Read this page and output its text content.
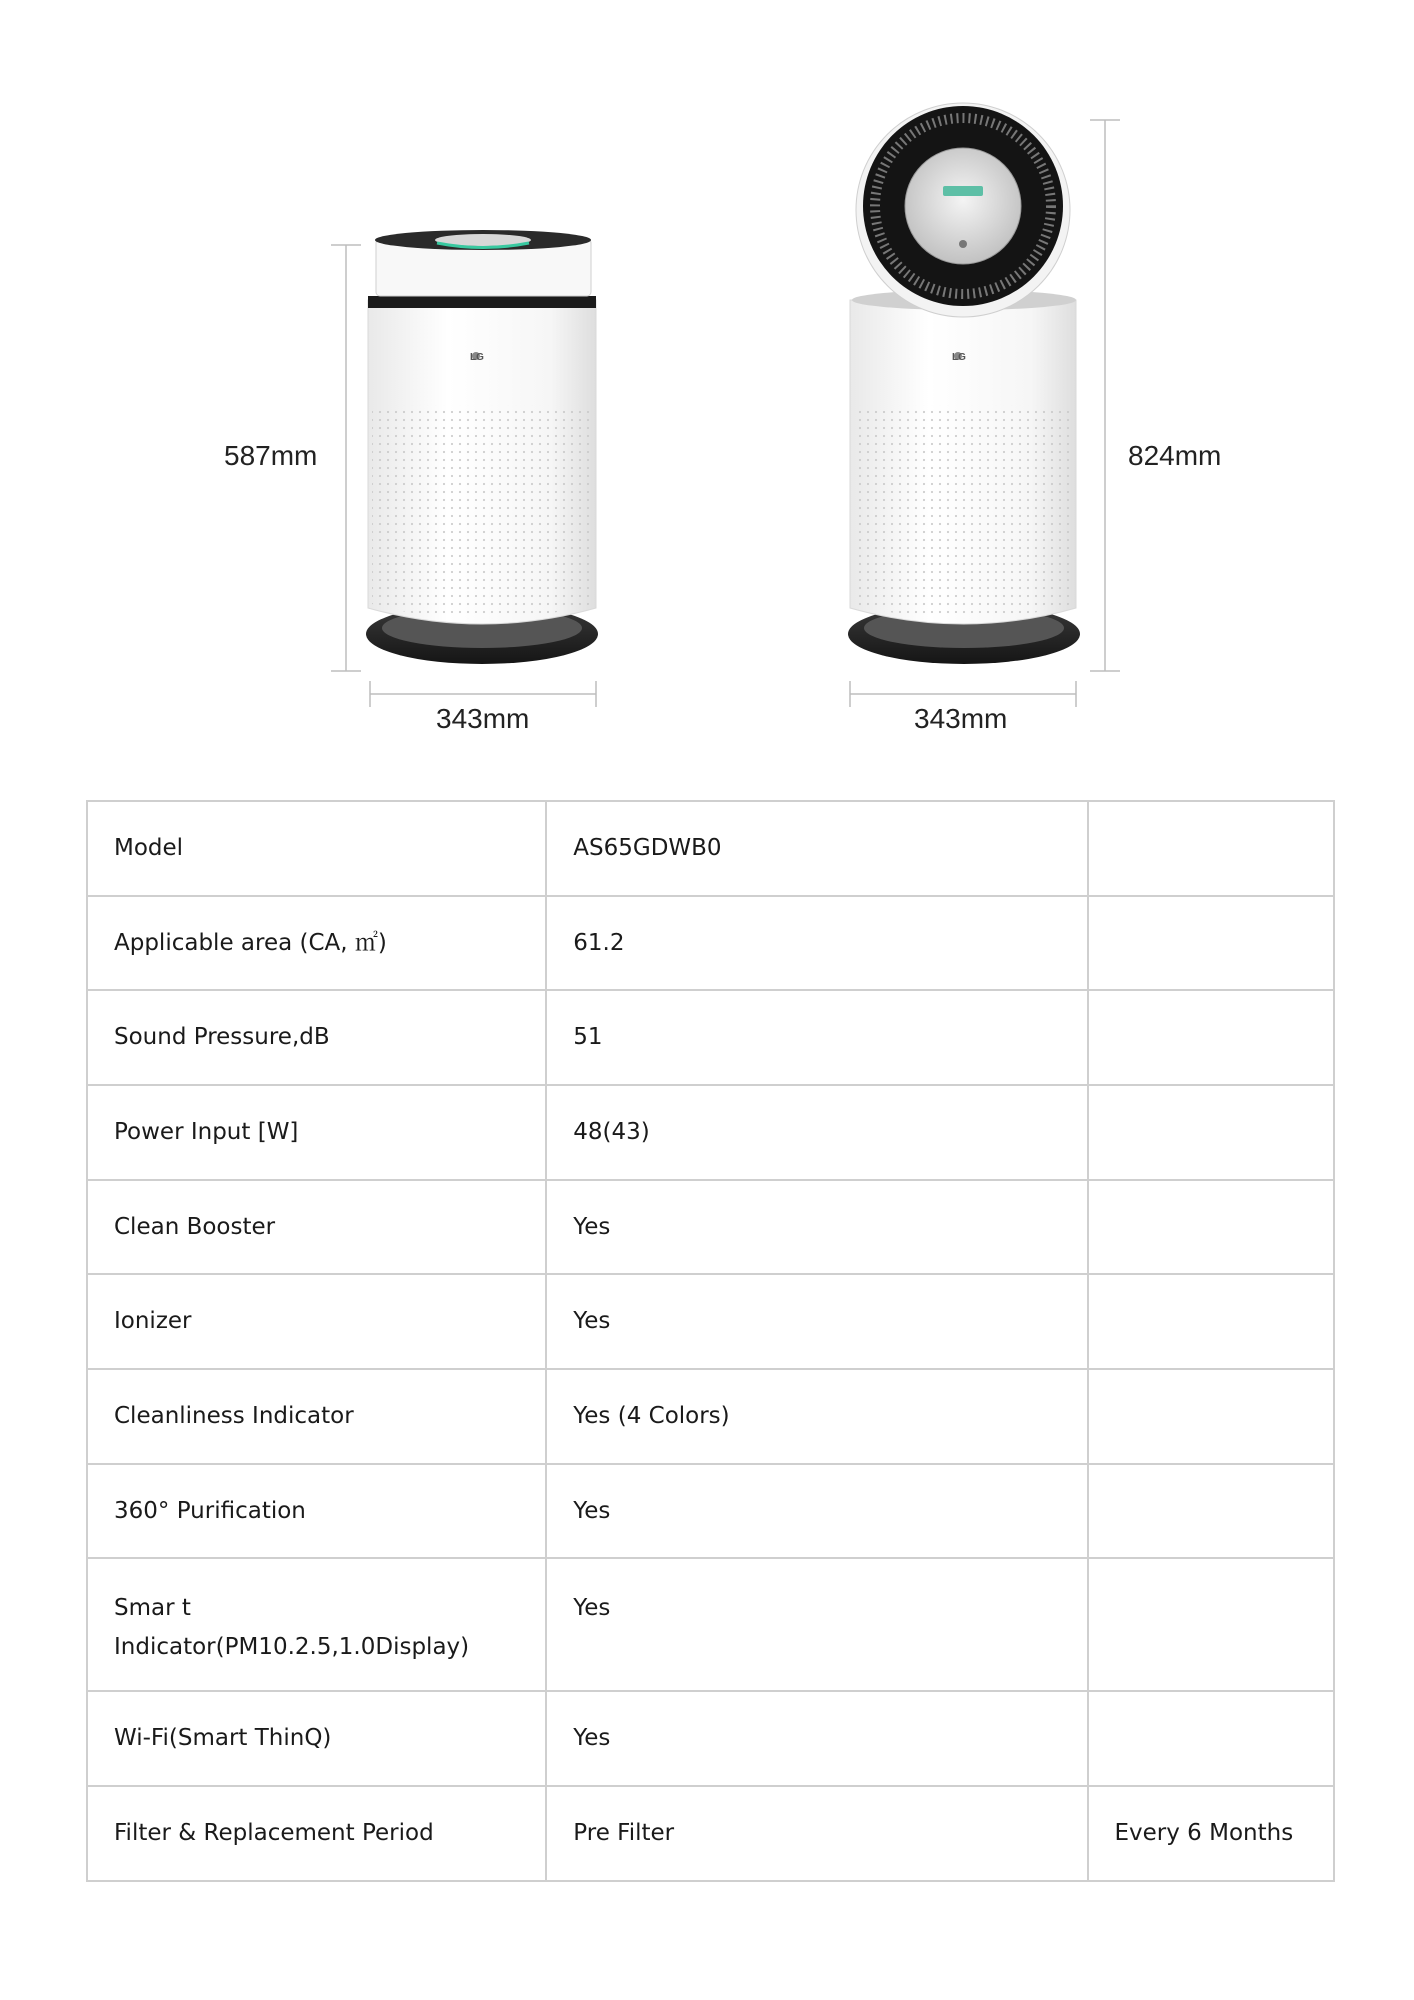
LG	LG
587mm
343mm
824mm
343mm
Model	AS65GDWB0	
Applicable area (CA, ㎡)	61.2	
Sound Pressure,dB	51	
Power Input [W]	48(43)	
Clean Booster	Yes	
Ionizer	Yes	
Cleanliness Indicator	Yes (4 Colors)	
360° Purification	Yes	

Smar t
Indicator(PM10.2.5,1.0Display)	Yes	
Wi-Fi(Smart ThinQ)	Yes	
Filter & Replacement Period	Pre Filter	Every 6 Months
